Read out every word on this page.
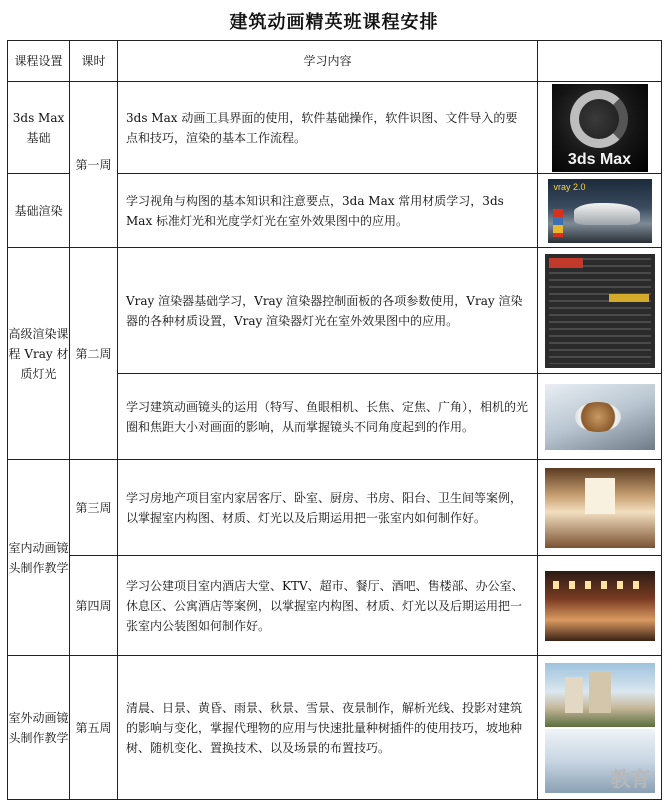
建筑动画精英班课程安排
课程设置	课时	学习内容	
3ds Max 基础	第一周	3ds Max 动画工具界面的使用，软件基础操作，软件识图、文件导入的要点和技巧，渲染的基本工作流程。	3ds Max

基础渲染		学习视角与构图的基本知识和注意要点，3da Max 常用材质学习，3ds Max 标准灯光和光度学灯光在室外效果图中的应用。	vray 2.0

高级渲染课程 Vray 材质灯光	第二周	Vray 渲染器基础学习，Vray 渲染器控制面板的各项参数使用，Vray 渲染器的各种材质设置，Vray 渲染器灯光在室外效果图中的应用。	

		学习建筑动画镜头的运用（特写、鱼眼相机、长焦、定焦、广角），相机的光圈和焦距大小对画面的影响，从而掌握镜头不同角度起到的作用。	

室内动画镜头制作教学	第三周	学习房地产项目室内家居客厅、卧室、厨房、书房、阳台、卫生间等案例，以掌握室内构图、材质、灯光以及后期运用把一张室内如何制作好。	

	第四周	学习公建项目室内酒店大堂、KTV、超市、餐厅、酒吧、售楼部、办公室、休息区、公寓酒店等案例，以掌握室内构图、材质、灯光以及后期运用把一张室内公装图如何制作好。	

室外动画镜头制作教学	第五周	清晨、日景、黄昏、雨景、秋景、雪景、夜景制作，解析光线、投影对建筑的影响与变化，掌握代理物的应用与快速批量种树插件的使用技巧，坡地种树、随机变化、置换技术、以及场景的布置技巧。	教育
